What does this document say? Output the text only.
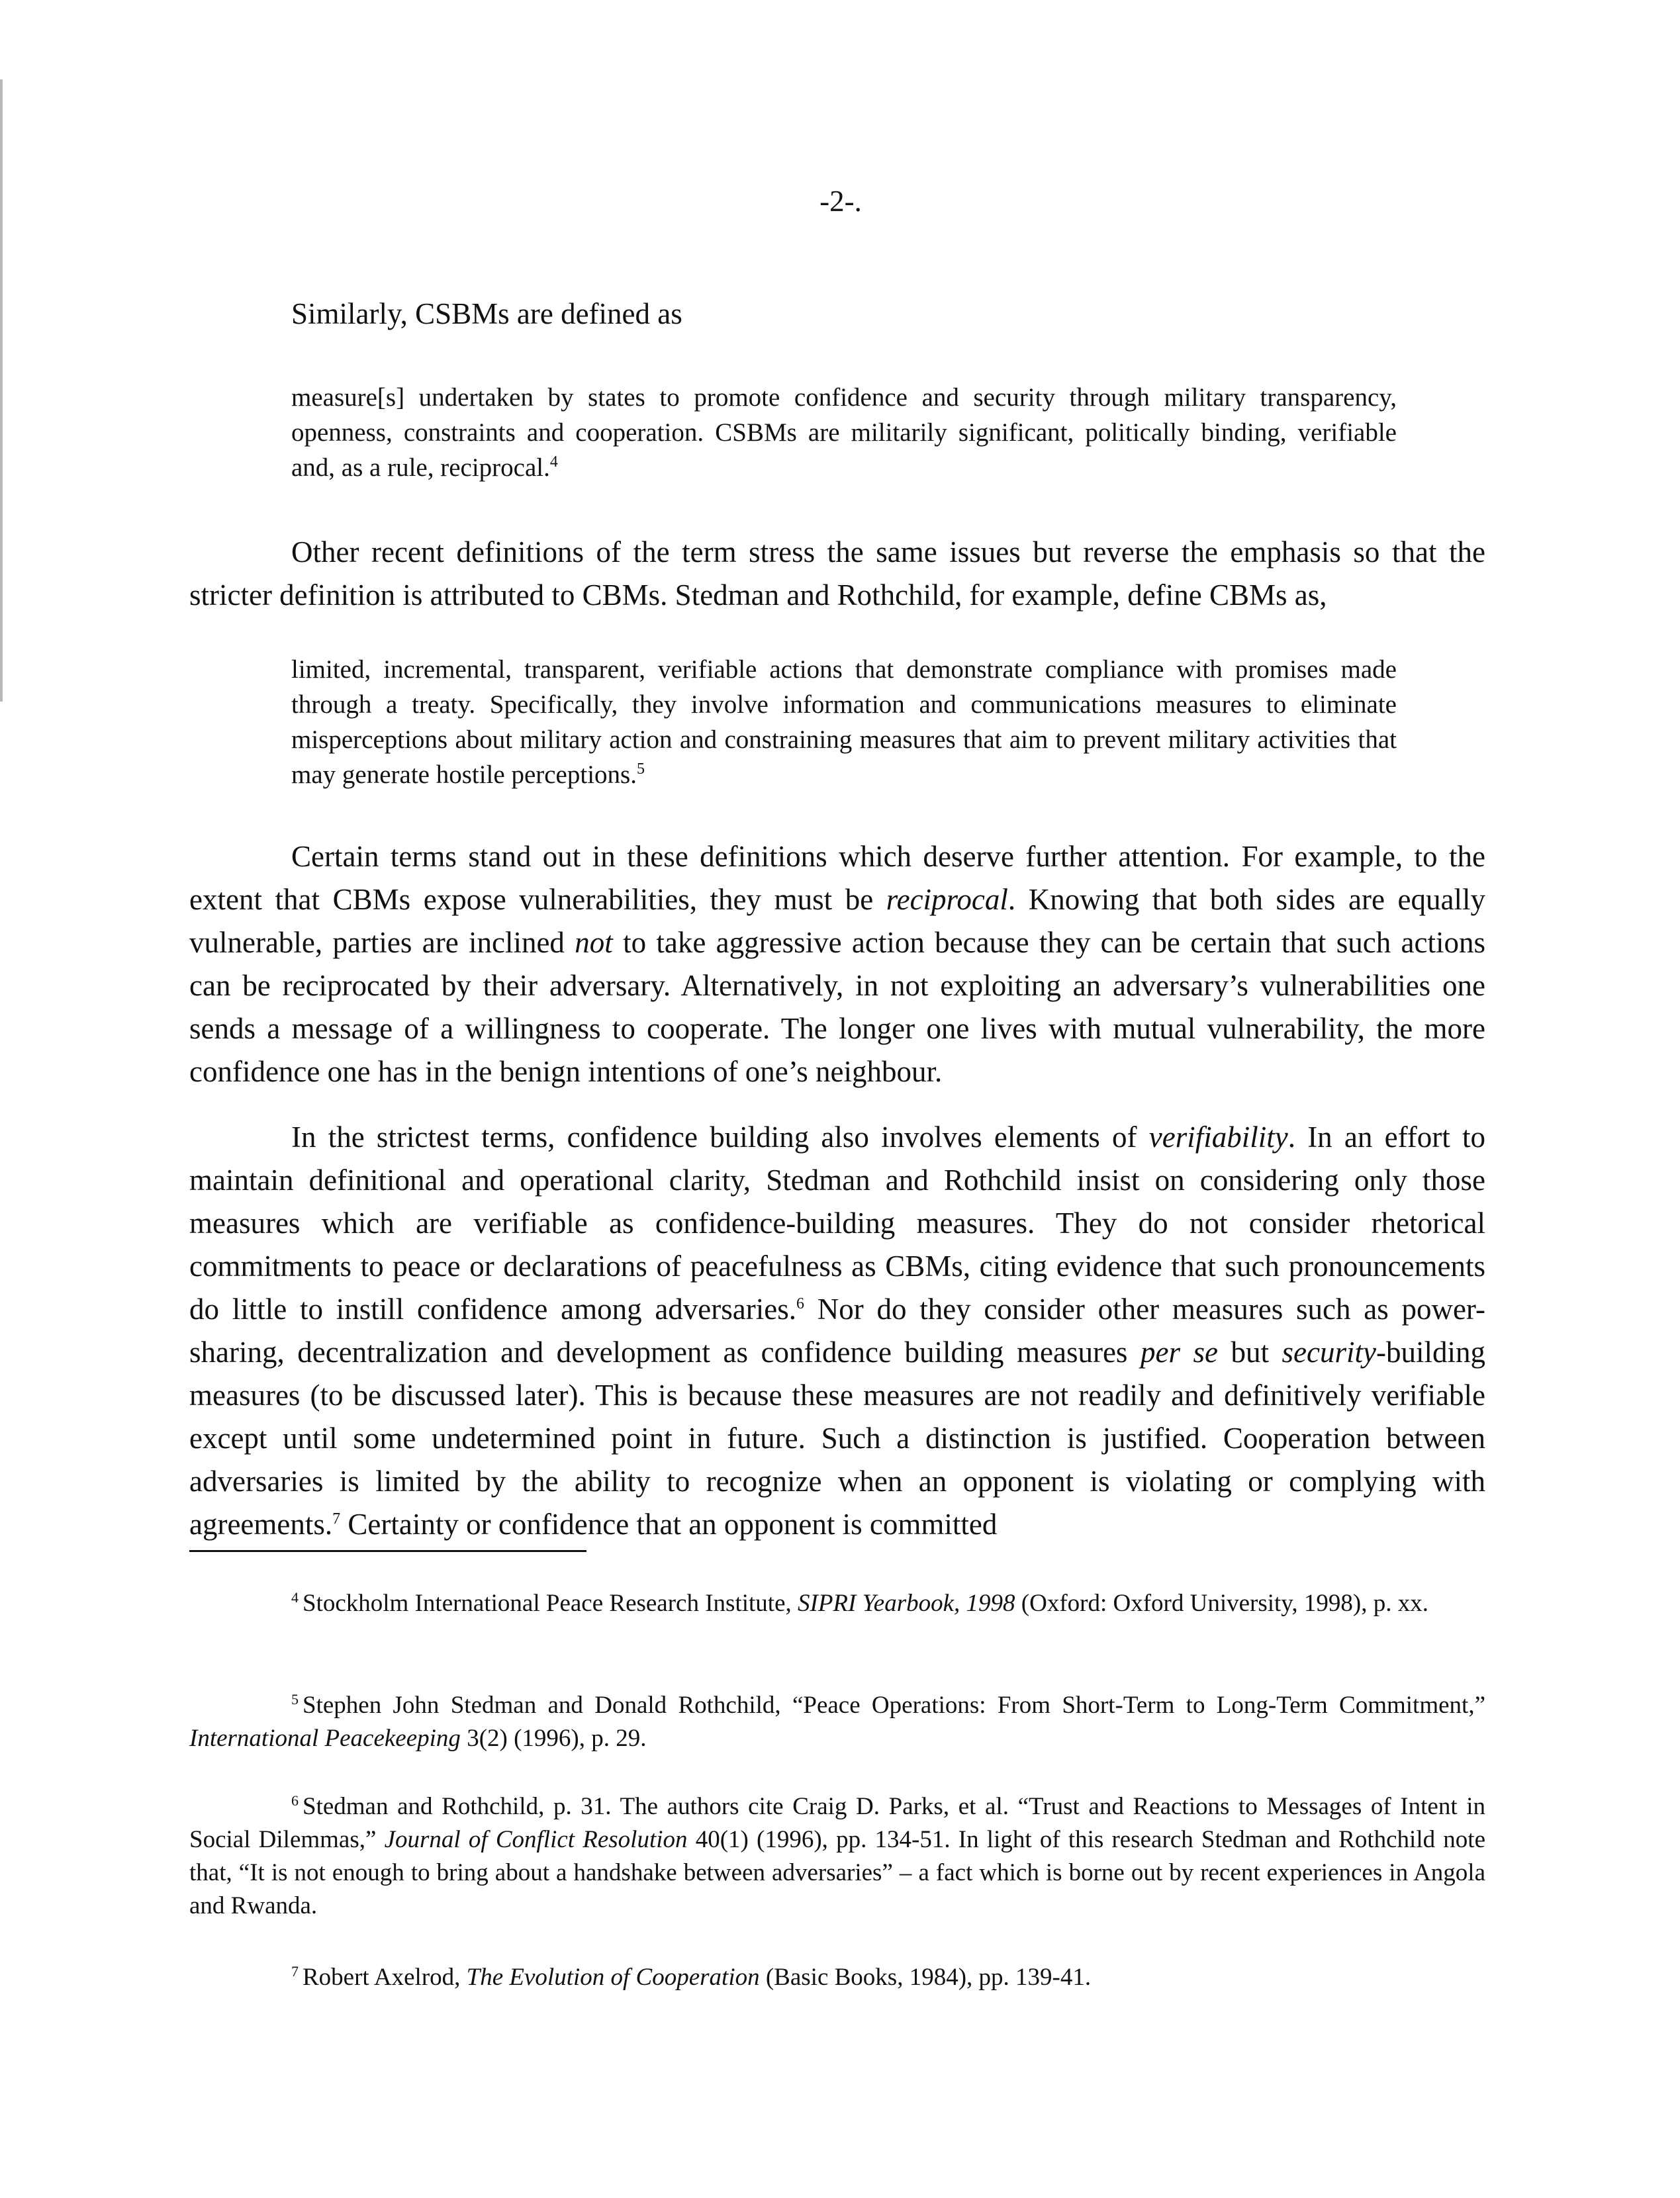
-2-.

Similarly, CSBMs are defined as

measure[s] undertaken by states to promote confidence and security through military transparency, openness, constraints and cooperation. CSBMs are militarily significant, politically binding, verifiable and, as a rule, reciprocal.$^4$

Other recent definitions of the term stress the same issues but reverse the emphasis so that the stricter definition is attributed to CBMs. Stedman and Rothchild, for example, define CBMs as,

limited, incremental, transparent, verifiable actions that demonstrate compliance with promises made through a treaty. Specifically, they involve information and communications measures to eliminate misperceptions about military action and constraining measures that aim to prevent military activities that may generate hostile perceptions.$^5$

Certain terms stand out in these definitions which deserve further attention. For example, to the extent that CBMs expose vulnerabilities, they must be reciprocal. Knowing that both sides are equally vulnerable, parties are inclined not to take aggressive action because they can be certain that such actions can be reciprocated by their adversary. Alternatively, in not exploiting an adversary’s vulnerabilities one sends a message of a willingness to cooperate. The longer one lives with mutual vulnerability, the more confidence one has in the benign intentions of one’s neighbour.

In the strictest terms, confidence building also involves elements of verifiability. In an effort to maintain definitional and operational clarity, Stedman and Rothchild insist on considering only those measures which are verifiable as confidence-building measures. They do not consider rhetorical commitments to peace or declarations of peacefulness as CBMs, citing evidence that such pronouncements do little to instill confidence among adversaries.$^6$ Nor do they consider other measures such as power-sharing, decentralization and development as confidence building measures per se but security-building measures (to be discussed later). This is because these measures are not readily and definitively verifiable except until some undetermined point in future. Such a distinction is justified. Cooperation between adversaries is limited by the ability to recognize when an opponent is violating or complying with agreements.$^7$ Certainty or confidence that an opponent is committed

$^4$ Stockholm International Peace Research Institute, SIPRI Yearbook, 1998 (Oxford: Oxford University, 1998), p. xx.

$^5$ Stephen John Stedman and Donald Rothchild, “Peace Operations: From Short-Term to Long-Term Commitment,” International Peacekeeping 3(2) (1996), p. 29.

$^6$ Stedman and Rothchild, p. 31. The authors cite Craig D. Parks, et al. “Trust and Reactions to Messages of Intent in Social Dilemmas,” Journal of Conflict Resolution 40(1) (1996), pp. 134-51. In light of this research Stedman and Rothchild note that, “It is not enough to bring about a handshake between adversaries” – a fact which is borne out by recent experiences in Angola and Rwanda.

$^7$ Robert Axelrod, The Evolution of Cooperation (Basic Books, 1984), pp. 139-41.
